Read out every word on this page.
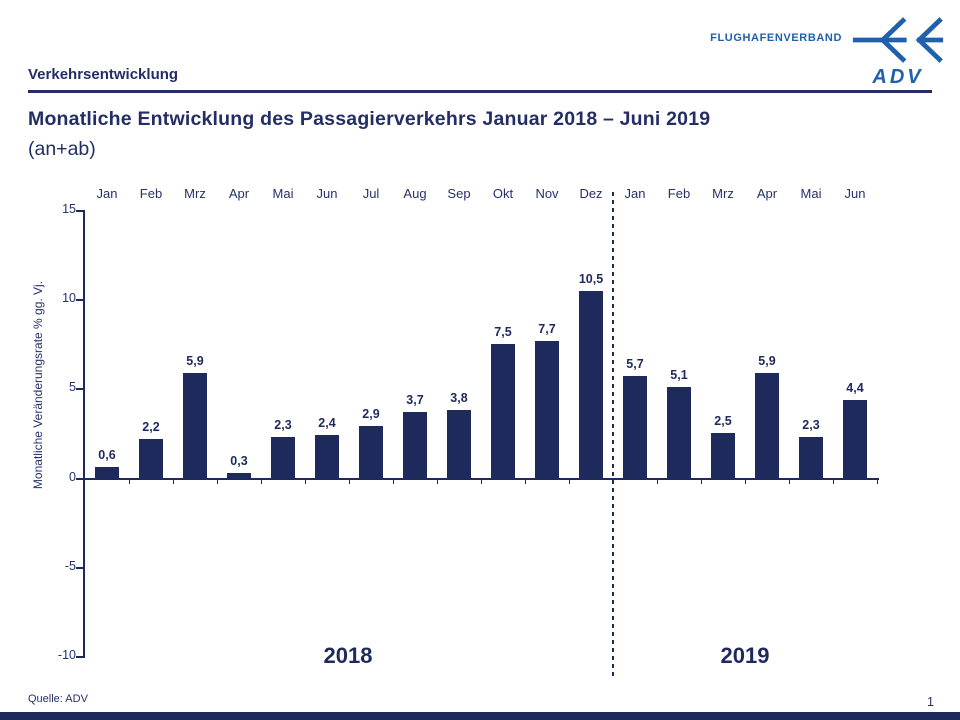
FLUGHAFENVERBAND
ADV
Verkehrsentwicklung
Monatliche Entwicklung des Passagierverkehrs Januar 2018 – Juni 2019
(an+ab)
15
10
5
0
-5
-10
Jan
0,6
Feb
2,2
Mrz
5,9
Apr
0,3
Mai
2,3
Jun
2,4
Jul
2,9
Aug
3,7
Sep
3,8
Okt
7,5
Nov
7,7
Dez
10,5
Jan
5,7
Feb
5,1
Mrz
2,5
Apr
5,9
Mai
2,3
Jun
4,4
2018	2019
Monatliche Veränderungsrate % gg. Vj.
Quelle: ADV	1
